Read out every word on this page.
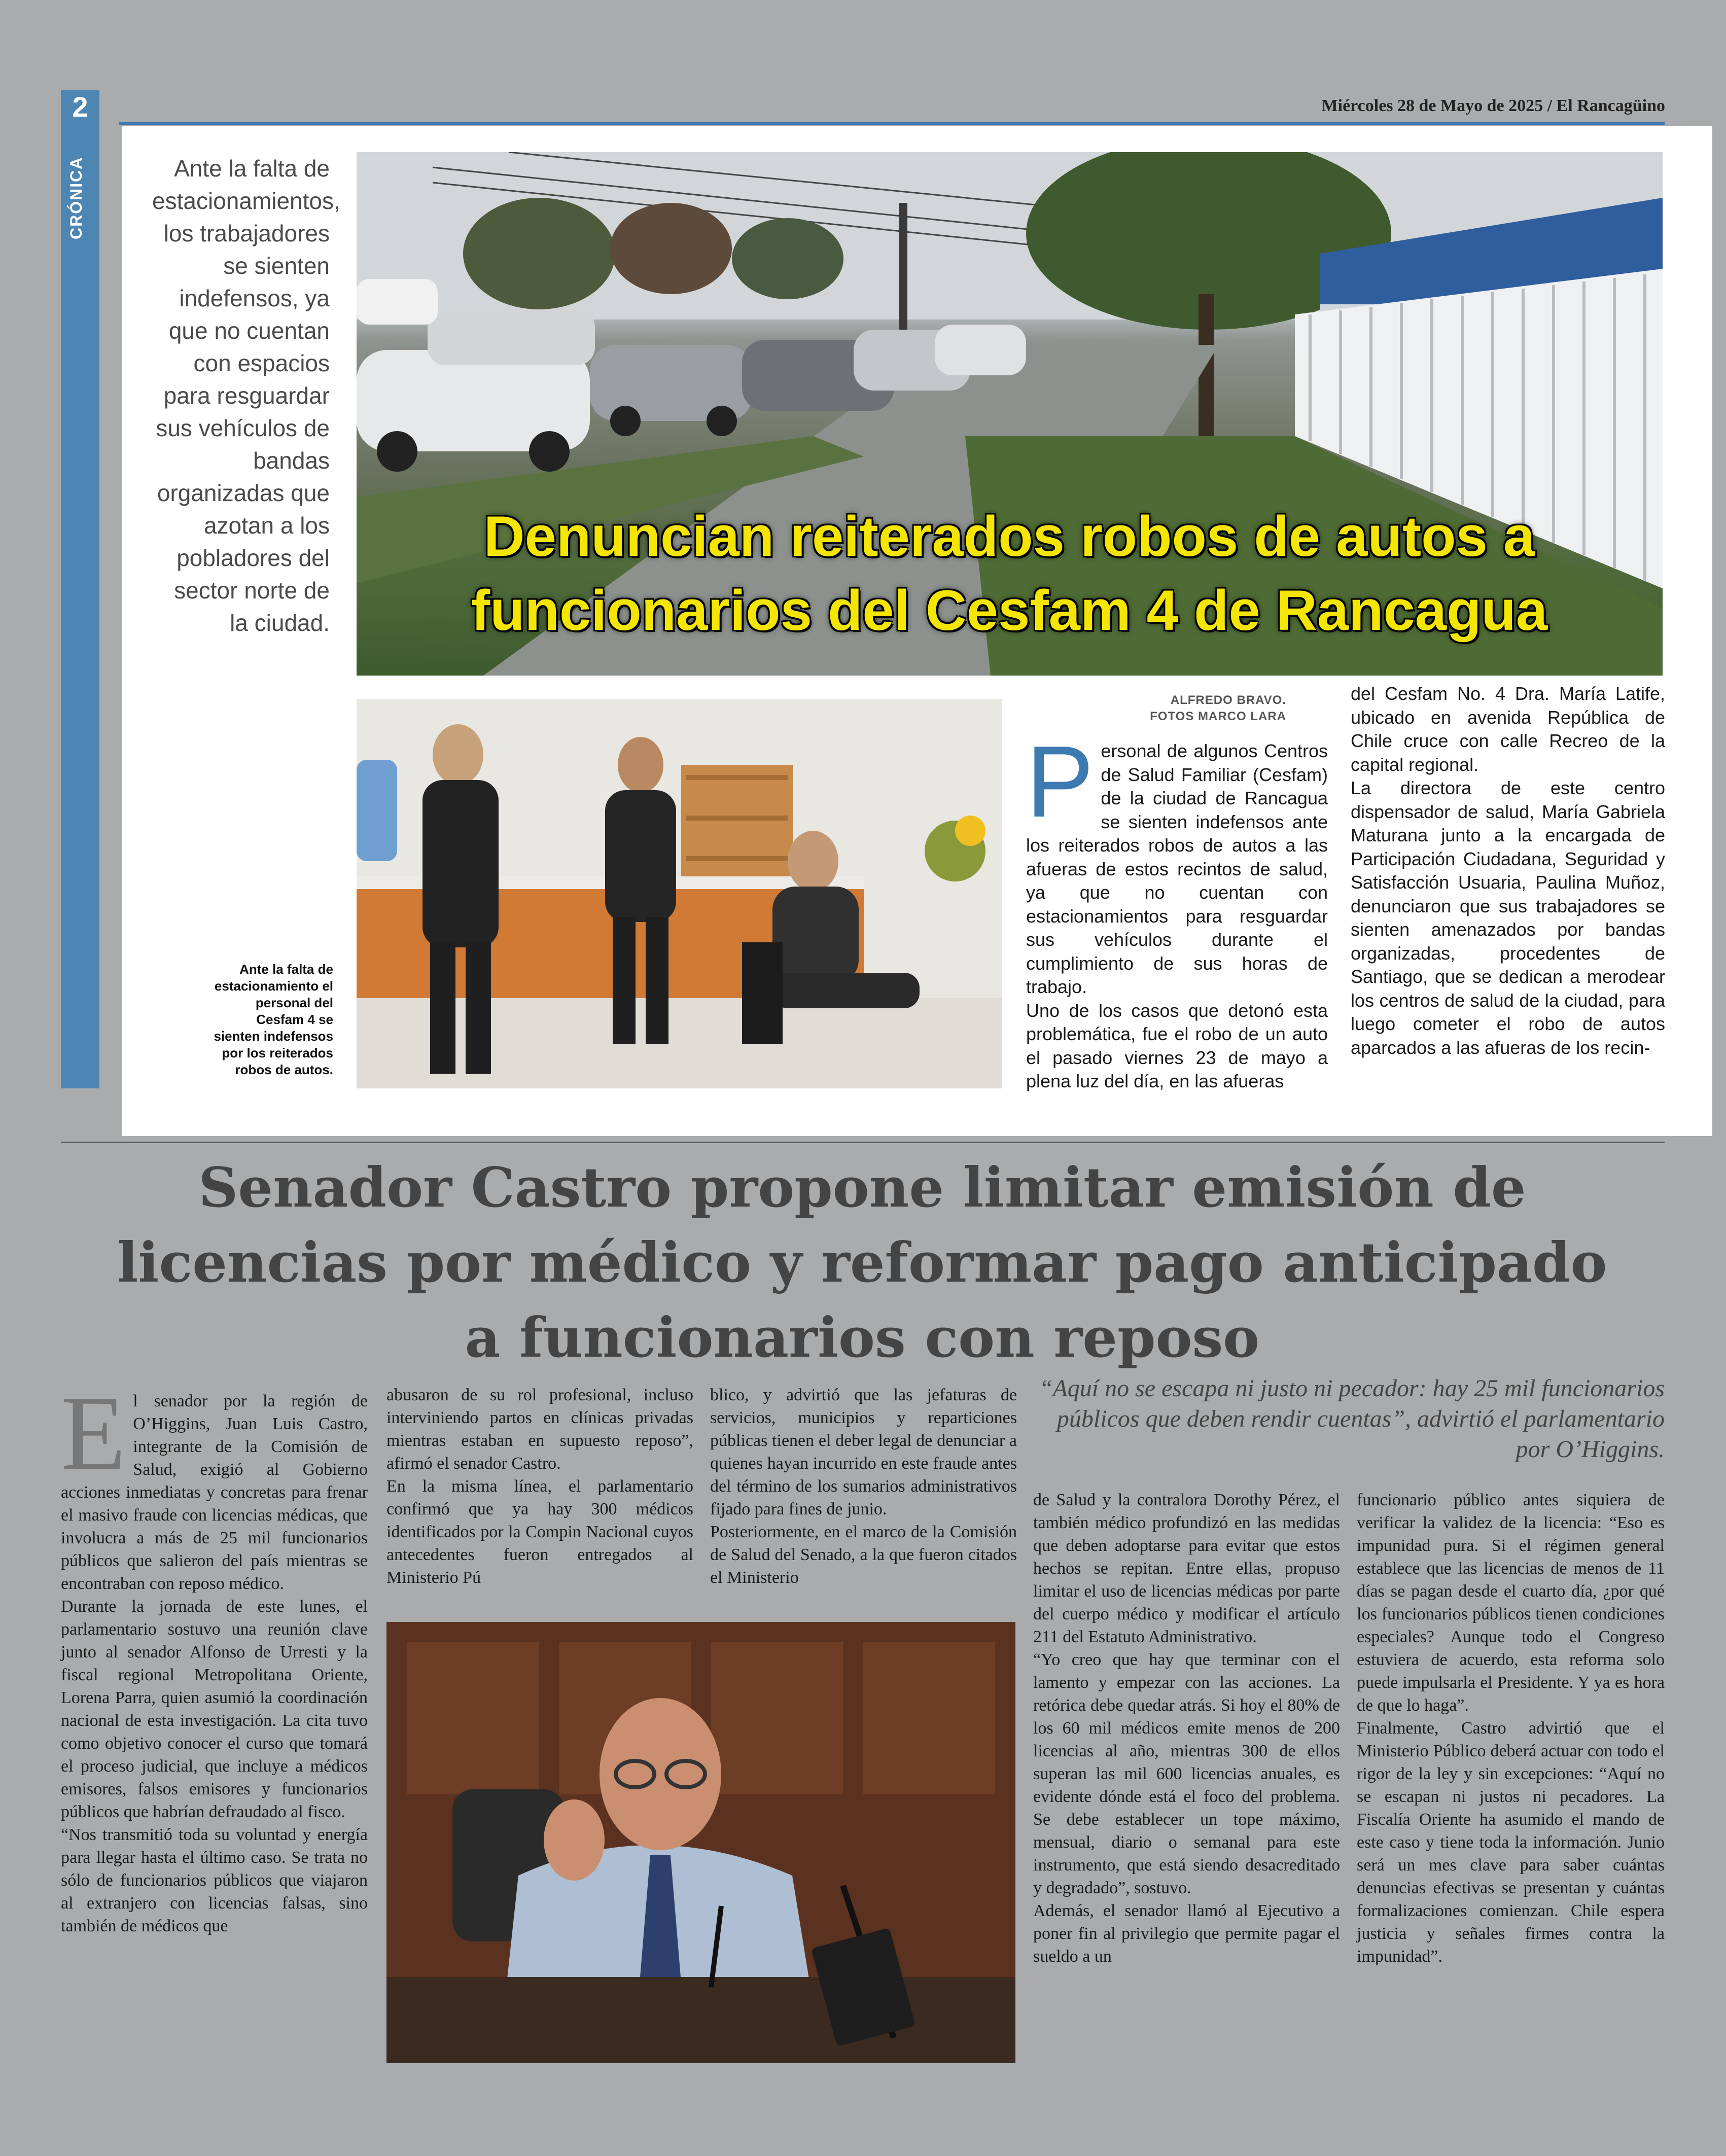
2
CRÓNICA
Miércoles 28 de Mayo de 2025 / El Rancagüino
Ante la falta de estacionamientos, los trabajadores se sienten indefensos, ya que no cuentan con espacios para resguardar sus vehículos de bandas organizadas que azotan a los pobladores del sector norte de la ciudad.
Denuncian reiterados robos de autos a funcionarios del Cesfam 4 de Rancagua
Ante la falta de estacionamiento el personal del Cesfam 4 se sienten indefensos por los reiterados robos de autos.
ALFREDO BRAVO.
FOTOS MARCO LARA
P ersonal de algunos Centros de Salud Familiar (Cesfam) de la ciudad de Rancagua se sienten indefensos ante los reiterados robos de autos a las afueras de estos recintos de salud, ya que no cuentan con estacionamientos para resguardar sus vehículos durante el cumplimiento de sus horas de trabajo.
Uno de los casos que detonó esta problemática, fue el robo de un auto el pasado viernes 23 de mayo a plena luz del día, en las afueras
del Cesfam No. 4 Dra. María Latife, ubicado en avenida República de Chile cruce con calle Recreo de la capital regional.
La directora de este centro dispensador de salud, María Gabriela Maturana junto a la encargada de Participación Ciudadana, Seguridad y Satisfacción Usuaria, Paulina Muñoz, denunciaron que sus trabajadores se sienten amenazados por bandas organizadas, procedentes de Santiago, que se dedican a merodear los centros de salud de la ciudad, para luego cometer el robo de autos aparcados a las afueras de los recin-
Senador Castro propone limitar emisión de licencias por médico y reformar pago anticipado a funcionarios con reposo
E l senador por la región de O’Higgins, Juan Luis Castro, integrante de la Comisión de Salud, exigió al Gobierno acciones inmediatas y concretas para frenar el masivo fraude con licencias médicas, que involucra a más de 25 mil funcionarios públicos que salieron del país mientras se encontraban con reposo médico.
Durante la jornada de este lunes, el parlamentario sostuvo una reunión clave junto al senador Alfonso de Urresti y la fiscal regional Metropolitana Oriente, Lorena Parra, quien asumió la coordinación nacional de esta investigación. La cita tuvo como objetivo conocer el curso que tomará el proceso judicial, que incluye a médicos emisores, falsos emisores y funcionarios públicos que habrían defraudado al fisco.
“Nos transmitió toda su voluntad y energía para llegar hasta el último caso. Se trata no sólo de funcionarios públicos que viajaron al extranjero con licencias falsas, sino también de médicos que
abusaron de su rol profesional, incluso interviniendo partos en clínicas privadas mientras estaban en supuesto reposo”, afirmó el senador Castro.
En la misma línea, el parlamentario confirmó que ya hay 300 médicos identificados por la Compin Nacional cuyos antecedentes fueron entregados al Ministerio Pú
blico, y advirtió que las jefaturas de servicios, municipios y reparticiones públicas tienen el deber legal de denunciar a quienes hayan incurrido en este fraude antes del término de los sumarios administrativos fijado para fines de junio.
Posteriormente, en el marco de la Comisión de Salud del Senado, a la que fueron citados el Ministerio
“Aquí no se escapa ni justo ni pecador: hay 25 mil funcionarios públicos que deben rendir cuentas”, advirtió el parlamentario por O’Higgins.
de Salud y la contralora Dorothy Pérez, el también médico profundizó en las medidas que deben adoptarse para evitar que estos hechos se repitan. Entre ellas, propuso limitar el uso de licencias médicas por parte del cuerpo médico y modificar el artículo 211 del Estatuto Administrativo.
“Yo creo que hay que terminar con el lamento y empezar con las acciones. La retórica debe quedar atrás. Si hoy el 80% de los 60 mil médicos emite menos de 200 licencias al año, mientras 300 de ellos superan las mil 600 licencias anuales, es evidente dónde está el foco del problema. Se debe establecer un tope máximo, mensual, diario o semanal para este instrumento, que está siendo desacreditado y degradado”, sostuvo.
Además, el senador llamó al Ejecutivo a poner fin al privilegio que permite pagar el sueldo a un
funcionario público antes siquiera de verificar la validez de la licencia: “Eso es impunidad pura. Si el régimen general establece que las licencias de menos de 11 días se pagan desde el cuarto día, ¿por qué los funcionarios públicos tienen condiciones especiales? Aunque todo el Congreso estuviera de acuerdo, esta reforma solo puede impulsarla el Presidente. Y ya es hora de que lo haga”.
Finalmente, Castro advirtió que el Ministerio Público deberá actuar con todo el rigor de la ley y sin excepciones: “Aquí no se escapan ni justos ni pecadores. La Fiscalía Oriente ha asumido el mando de este caso y tiene toda la información. Junio será un mes clave para saber cuántas denuncias efectivas se presentan y cuántas formalizaciones comienzan. Chile espera justicia y señales firmes contra la impunidad”.
